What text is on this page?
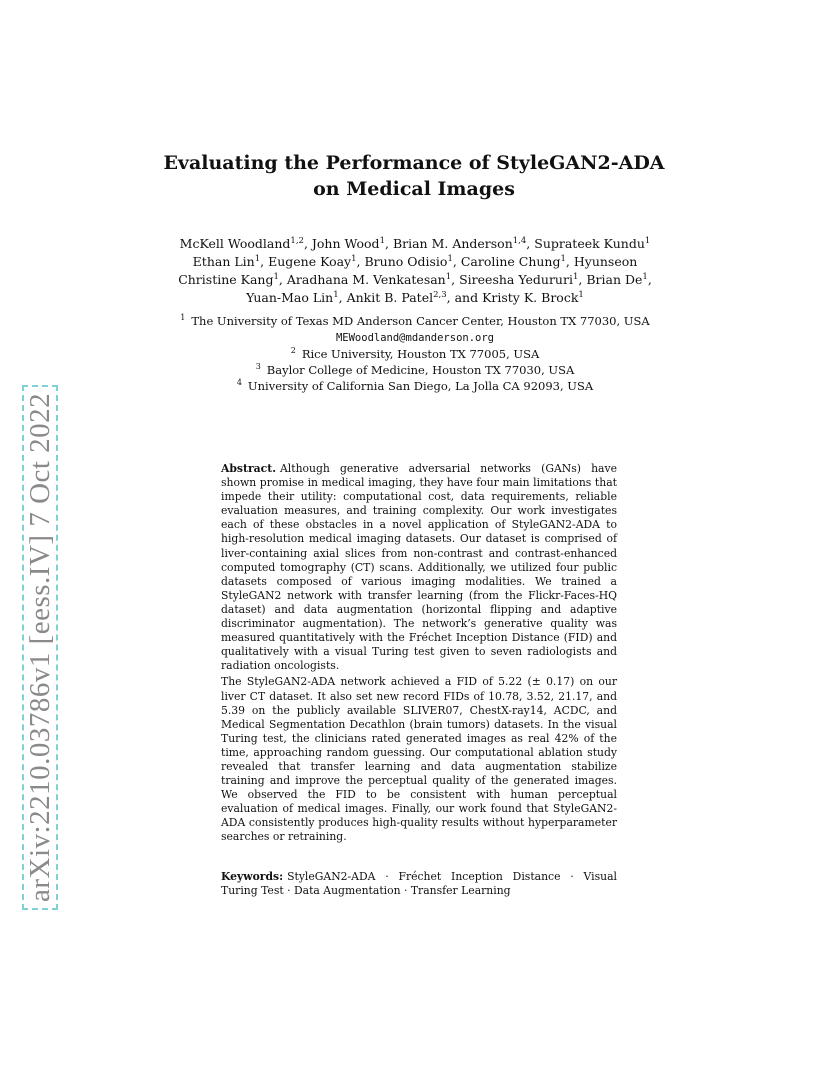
arXiv:2210.03786v1 [eess.IV] 7 Oct 2022
Evaluating the Performance of StyleGAN2-ADA
on Medical Images
McKell Woodland$^{1,2}$, John Wood$^1$, Brian M. Anderson$^{1,4}$, Suprateek Kundu$^1$ Ethan Lin$^1$, Eugene Koay$^1$, Bruno Odisio$^1$, Caroline Chung$^1$, Hyunseon Christine Kang$^1$, Aradhana M. Venkatesan$^1$, Sireesha Yedururi$^1$, Brian De$^1$, Yuan-Mao Lin$^1$, Ankit B. Patel$^{2,3}$, and Kristy K. Brock$^1$
$^1$ The University of Texas MD Anderson Cancer Center, Houston TX 77030, USA
MEWoodland@mdanderson.org
$^2$ Rice University, Houston TX 77005, USA
$^3$ Baylor College of Medicine, Houston TX 77030, USA
$^4$ University of California San Diego, La Jolla CA 92093, USA

Abstract. Although generative adversarial networks (GANs) have shown promise in medical imaging, they have four main limitations that impede their utility: computational cost, data requirements, reliable evaluation measures, and training complexity. Our work investigates each of these obstacles in a novel application of StyleGAN2-ADA to high-resolution medical imaging datasets. Our dataset is comprised of liver-containing axial slices from non-contrast and contrast-enhanced computed tomography (CT) scans. Additionally, we utilized four public datasets composed of various imaging modalities. We trained a StyleGAN2 network with transfer learning (from the Flickr-Faces-HQ dataset) and data augmentation (horizontal flipping and adaptive discriminator augmentation). The network’s generative quality was measured quantitatively with the Fréchet Inception Distance (FID) and qualitatively with a visual Turing test given to seven radiologists and radiation oncologists.

The StyleGAN2-ADA network achieved a FID of 5.22 (± 0.17) on our liver CT dataset. It also set new record FIDs of 10.78, 3.52, 21.17, and 5.39 on the publicly available SLIVER07, ChestX-ray14, ACDC, and Medical Segmentation Decathlon (brain tumors) datasets. In the visual Turing test, the clinicians rated generated images as real 42% of the time, approaching random guessing. Our computational ablation study revealed that transfer learning and data augmentation stabilize training and improve the perceptual quality of the generated images. We observed the FID to be consistent with human perceptual evaluation of medical images. Finally, our work found that StyleGAN2-ADA consistently produces high-quality results without hyperparameter searches or retraining.

Keywords: StyleGAN2-ADA · Fréchet Inception Distance · Visual Turing Test · Data Augmentation · Transfer Learning
